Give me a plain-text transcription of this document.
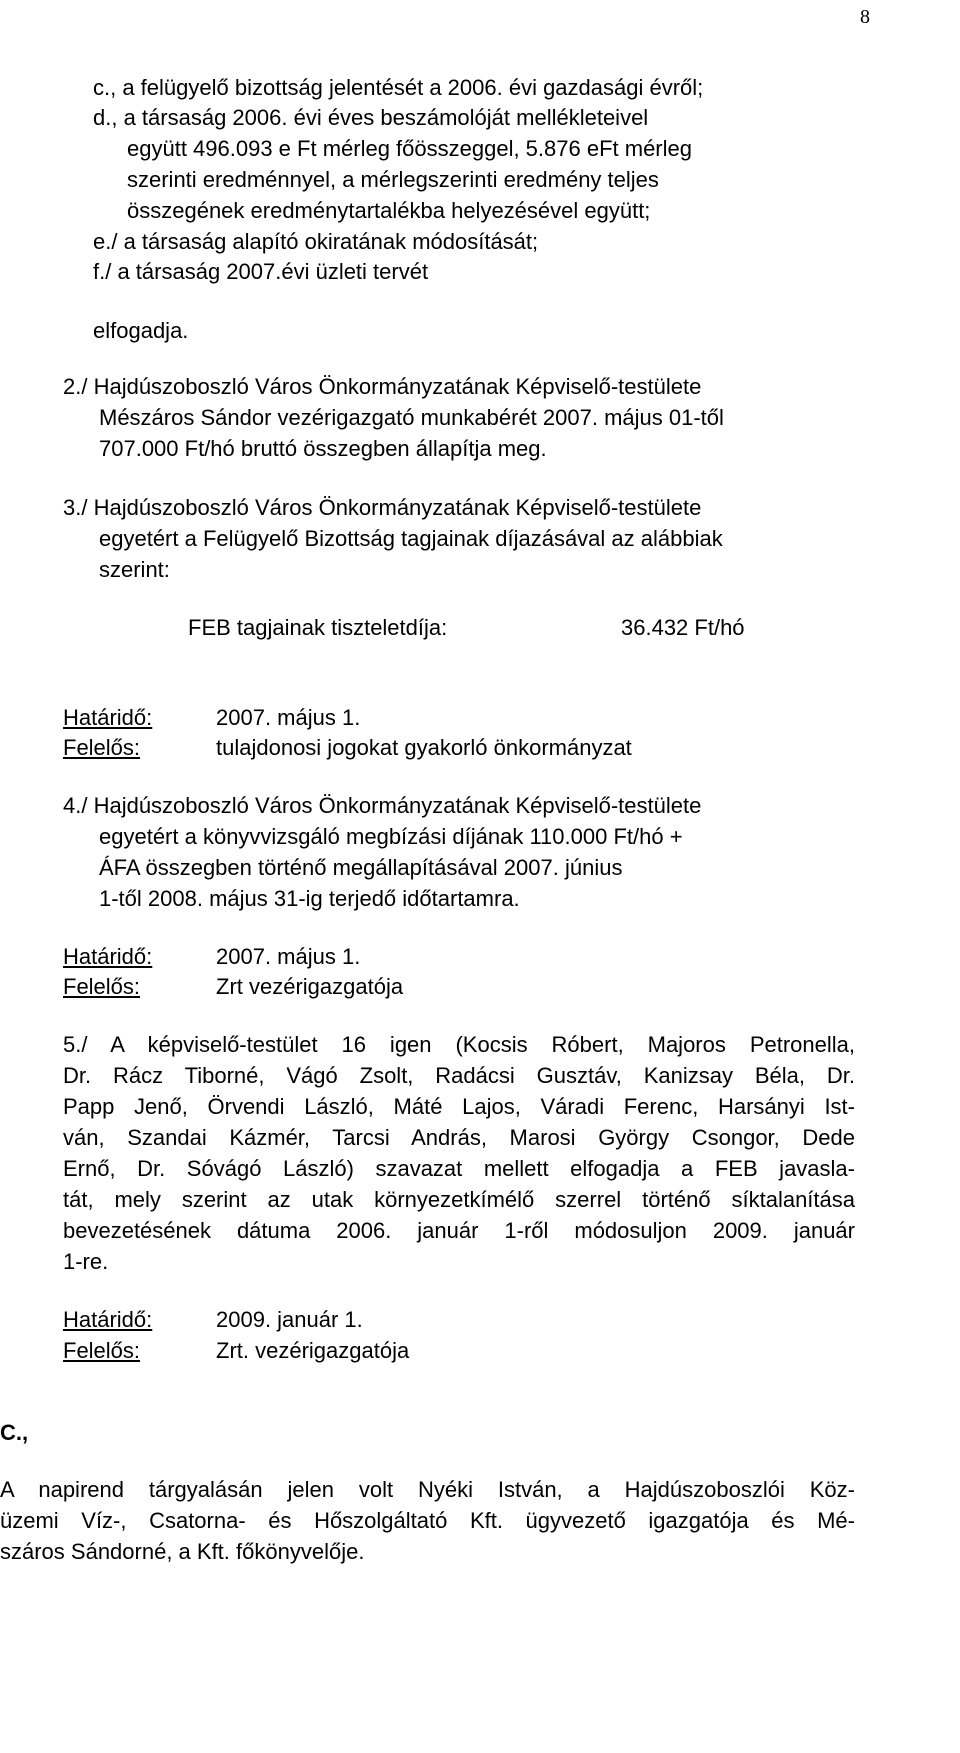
8
c., a felügyelő bizottság jelentését a 2006. évi gazdasági évről;
d., a társaság 2006. évi éves beszámolóját mellékleteivel
együtt 496.093 e Ft mérleg főösszeggel, 5.876 eFt mérleg
szerinti eredménnyel, a mérlegszerinti eredmény teljes
összegének eredménytartalékba helyezésével együtt;
e./ a társaság alapító okiratának módosítását;
f./ a társaság 2007.évi üzleti tervét
elfogadja.
2./ Hajdúszoboszló Város Önkormányzatának Képviselő-testülete
Mészáros Sándor vezérigazgató munkabérét 2007. május 01-től
707.000 Ft/hó bruttó összegben állapítja meg.
3./ Hajdúszoboszló Város Önkormányzatának Képviselő-testülete
egyetért a Felügyelő Bizottság tagjainak díjazásával az alábbiak
szerint:
FEB tagjainak tiszteletdíja:	36.432 Ft/hó
Határidő:	2007. május 1.
Felelős:	tulajdonosi jogokat gyakorló önkormányzat
4./ Hajdúszoboszló Város Önkormányzatának Képviselő-testülete
egyetért a könyvvizsgáló megbízási díjának 110.000 Ft/hó +
ÁFA összegben történő megállapításával 2007. június
1-től 2008. május 31-ig terjedő időtartamra.
Határidő:	2007. május 1.
Felelős:	Zrt vezérigazgatója
5./ A képviselő-testület 16 igen (Kocsis Róbert, Majoros Petronella,
Dr. Rácz Tiborné, Vágó Zsolt, Radácsi Gusztáv, Kanizsay Béla, Dr.
Papp Jenő, Örvendi László, Máté Lajos, Váradi Ferenc, Harsányi Ist-
ván, Szandai Kázmér, Tarcsi András, Marosi György Csongor, Dede
Ernő, Dr. Sóvágó László) szavazat mellett elfogadja a FEB javasla-
tát, mely szerint az utak környezetkímélő szerrel történő síktalanítása
bevezetésének dátuma 2006. január 1-ről módosuljon 2009. január
1-re.
Határidő:	2009. január 1.
Felelős:	Zrt. vezérigazgatója
C.,
A napirend tárgyalásán jelen volt Nyéki István, a Hajdúszoboszlói Köz-
üzemi Víz-, Csatorna- és Hőszolgáltató Kft. ügyvezető igazgatója és Mé-
száros Sándorné, a Kft. főkönyvelője.
